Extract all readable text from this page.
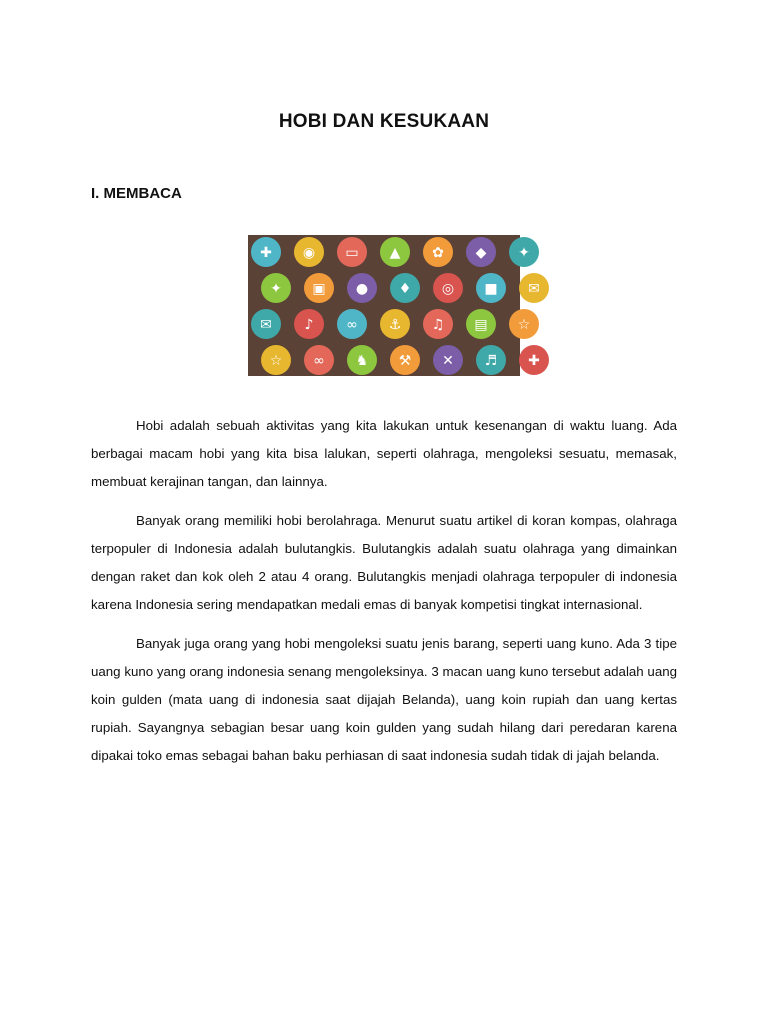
HOBI DAN KESUKAAN
I. MEMBACA
✚ ◉ ▭ ▲ ✿ ◆ ✦
✦ ▣ ● ♦ ◎ ■ ✉
✉ ♪ ∞ ⚓ ♫ ▤ ☆
☆ ∞ ♞ ⚒ ✕ ♬ ✚

Hobi adalah sebuah aktivitas yang kita lakukan untuk kesenangan di waktu luang. Ada berbagai macam hobi yang kita bisa lalukan, seperti olahraga, mengoleksi sesuatu, memasak, membuat kerajinan tangan, dan lainnya.

Banyak orang memiliki hobi berolahraga. Menurut suatu artikel di koran kompas, olahraga terpopuler di Indonesia adalah bulutangkis. Bulutangkis adalah suatu olahraga yang dimainkan dengan raket dan kok oleh 2 atau 4 orang. Bulutangkis menjadi olahraga terpopuler di indonesia karena Indonesia sering mendapatkan medali emas di banyak kompetisi tingkat internasional.

Banyak juga orang yang hobi mengoleksi suatu jenis barang, seperti uang kuno. Ada 3 tipe uang kuno yang orang indonesia senang mengoleksinya. 3 macan uang kuno tersebut adalah uang koin gulden (mata uang di indonesia saat dijajah Belanda), uang koin rupiah dan uang kertas rupiah. Sayangnya sebagian besar uang koin gulden yang sudah hilang dari peredaran karena dipakai toko emas sebagai bahan baku perhiasan di saat indonesia sudah tidak di jajah belanda.
